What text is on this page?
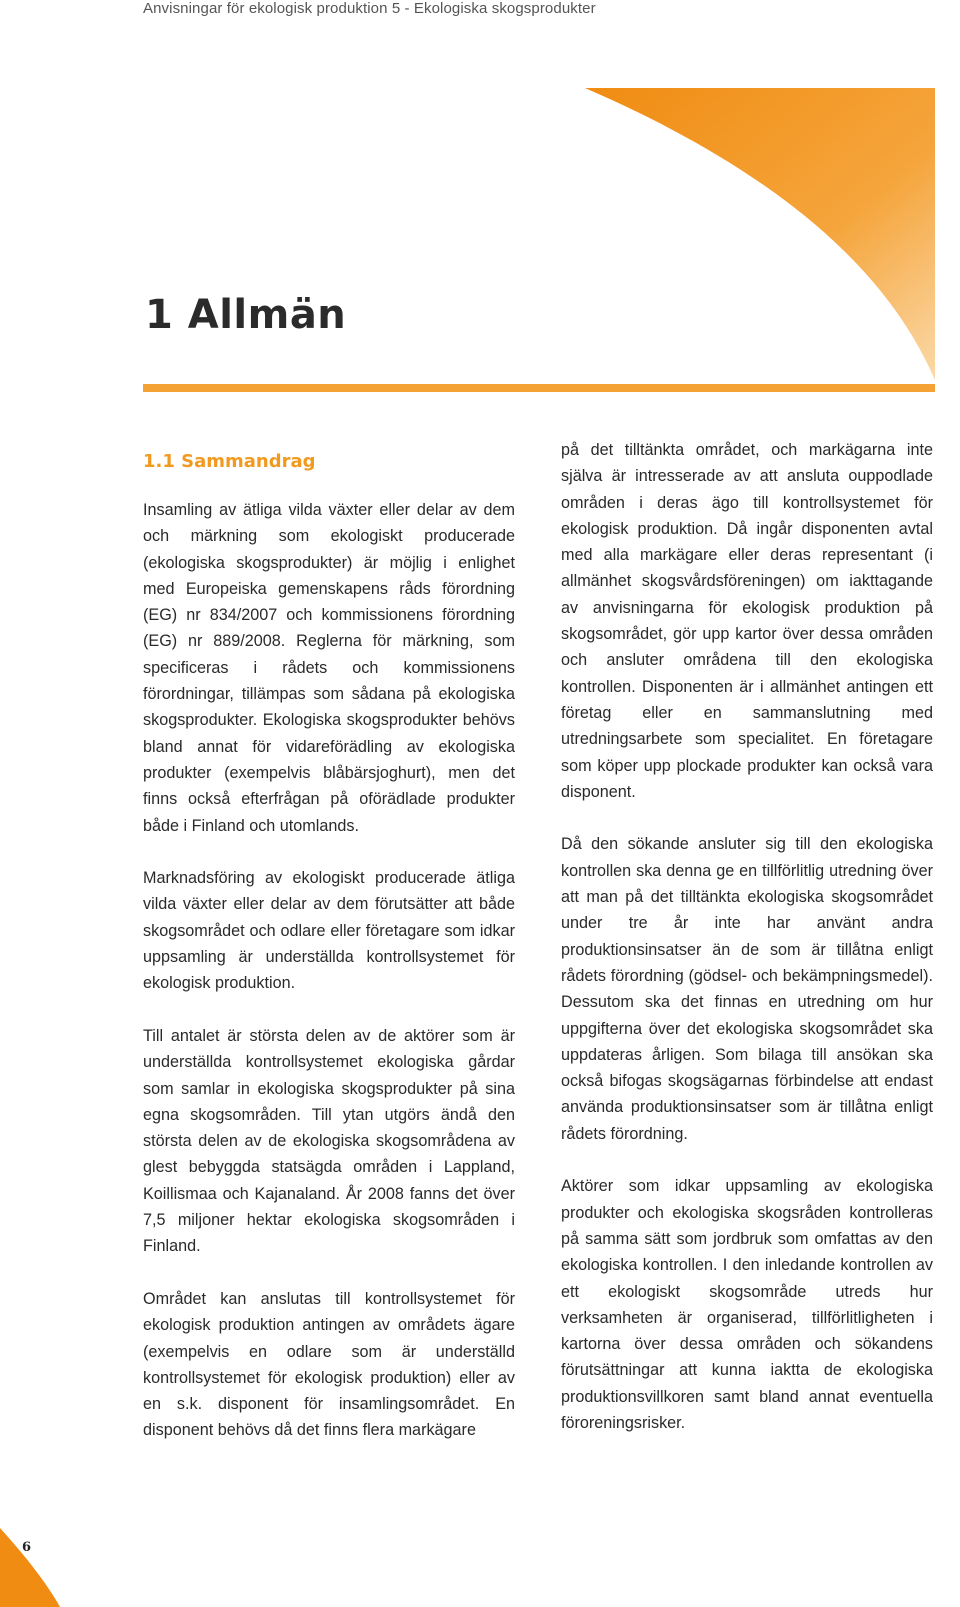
Anvisningar för ekologisk produktion 5 - Ekologiska skogsprodukter
1 Allmän
1.1 Sammandrag

Insamling av ätliga vilda växter eller delar av dem och märkning som ekologiskt producerade (ekologiska skogsprodukter) är möjlig i enlighet med Europeiska gemenskapens råds förordning (EG) nr 834/2007 och kommissionens förordning (EG) nr 889/2008. Reglerna för märkning, som specificeras i rådets och kommissionens förordningar, tillämpas som sådana på ekologiska skogsprodukter. Ekologiska skogsprodukter behövs bland annat för vidareförädling av ekologiska produkter (exempelvis blåbärsjoghurt), men det finns också efterfrågan på oförädlade produkter både i Finland och utomlands.

Marknadsföring av ekologiskt producerade ätliga vilda växter eller delar av dem förutsätter att både skogsområdet och odlare eller företagare som idkar uppsamling är underställda kontrollsystemet för ekologisk produktion.

Till antalet är största delen av de aktörer som är underställda kontrollsystemet ekologiska gårdar som samlar in ekologiska skogsprodukter på sina egna skogsområden. Till ytan utgörs ändå den största delen av de ekologiska skogsområdena av glest bebyggda statsägda områden i Lappland, Koillismaa och Kajanaland. År 2008 fanns det över 7,5 miljoner hektar ekologiska skogsområden i Finland.

Området kan anslutas till kontrollsystemet för ekologisk produktion antingen av områdets ägare (exempelvis en odlare som är underställd kontrollsystemet för ekologisk produktion) eller av en s.k. disponent för insamlingsområdet. En disponent behövs då det finns flera markägare

på det tilltänkta området, och markägarna inte själva är intresserade av att ansluta ouppodlade områden i deras ägo till kontrollsystemet för ekologisk produktion. Då ingår disponenten avtal med alla markägare eller deras representant (i allmänhet skogsvårdsföreningen) om iakttagande av anvisningarna för ekologisk produktion på skogsområdet, gör upp kartor över dessa områden och ansluter områdena till den ekologiska kontrollen. Disponenten är i allmänhet antingen ett företag eller en sammanslutning med utredningsarbete som specialitet. En företagare som köper upp plockade produkter kan också vara disponent.

Då den sökande ansluter sig till den ekologiska kontrollen ska denna ge en tillförlitlig utredning över att man på det tilltänkta ekologiska skogsområdet under tre år inte har använt andra produktionsinsatser än de som är tillåtna enligt rådets förordning (gödsel- och bekämpningsmedel). Dessutom ska det finnas en utredning om hur uppgifterna över det ekologiska skogsområdet ska uppdateras årligen. Som bilaga till ansökan ska också bifogas skogsägarnas förbindelse att endast använda produktionsinsatser som är tillåtna enligt rådets förordning.

Aktörer som idkar uppsamling av ekologiska produkter och ekologiska skogsråden kontrolleras på samma sätt som jordbruk som omfattas av den ekologiska kontrollen. I den inledande kontrollen av ett ekologiskt skogsområde utreds hur verksamheten är organiserad, tillförlitligheten i kartorna över dessa områden och sökandens förutsättningar att kunna iaktta de ekologiska produktionsvillkoren samt bland annat eventuella föroreningsrisker.

6
